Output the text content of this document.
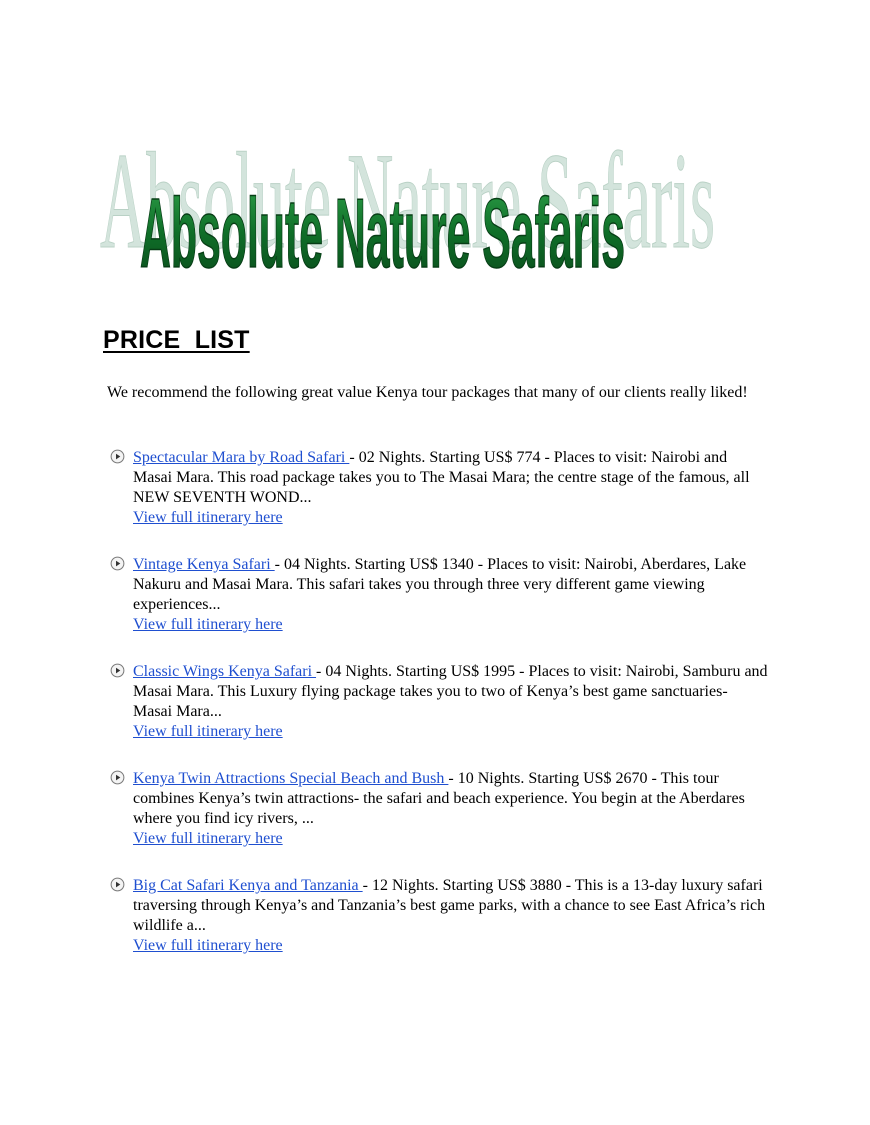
Absolute Nature Safaris
Absolute Nature Safaris
PRICE  LIST
We recommend the following great value Kenya tour packages that many of our clients really liked!
Spectacular Mara by Road Safari - 02 Nights. Starting US$ 774 - Places to visit: Nairobi and Masai Mara. This road package takes you to The Masai Mara; the centre stage of the famous, all NEW SEVENTH WOND...
View full itinerary here
Vintage Kenya Safari - 04 Nights. Starting US$ 1340 - Places to visit: Nairobi, Aberdares, Lake Nakuru and Masai Mara. This safari takes you through three very different game viewing experiences...
View full itinerary here
Classic Wings Kenya Safari - 04 Nights. Starting US$ 1995 - Places to visit: Nairobi, Samburu and Masai Mara. This Luxury flying package takes you to two of Kenya’s best game sanctuaries- Masai Mara...
View full itinerary here
Kenya Twin Attractions Special Beach and Bush - 10 Nights. Starting US$ 2670 - This tour combines Kenya’s twin attractions- the safari and beach experience. You begin at the Aberdares where you find icy rivers, ...
View full itinerary here
Big Cat Safari Kenya and Tanzania - 12 Nights. Starting US$ 3880 - This is a 13-day luxury safari traversing through Kenya’s and Tanzania’s best game parks, with a chance to see East Africa’s rich wildlife a...
View full itinerary here
